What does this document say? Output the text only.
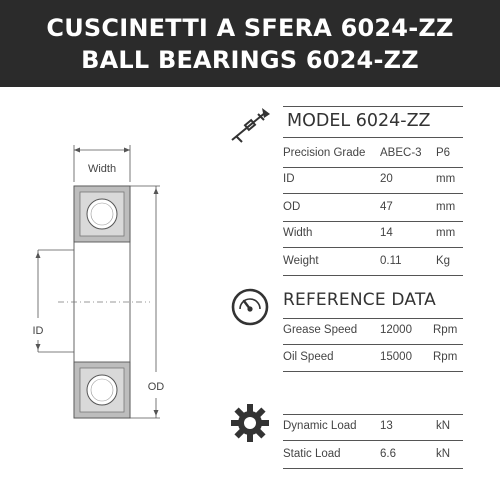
CUSCINETTI A SFERA 6024-ZZ
BALL BEARINGS 6024-ZZ
Width
ID
OD
MODEL 6024-ZZ
Precision Grade ABEC-3 P6
ID	20	mm
OD	47	mm
Width	14	mm
Weight	0.11	Kg
REFERENCE DATA
Grease Speed 12000 Rpm
Oil Speed	15000 Rpm
Dynamic Load 13	kN
Static Load	6.6	kN
